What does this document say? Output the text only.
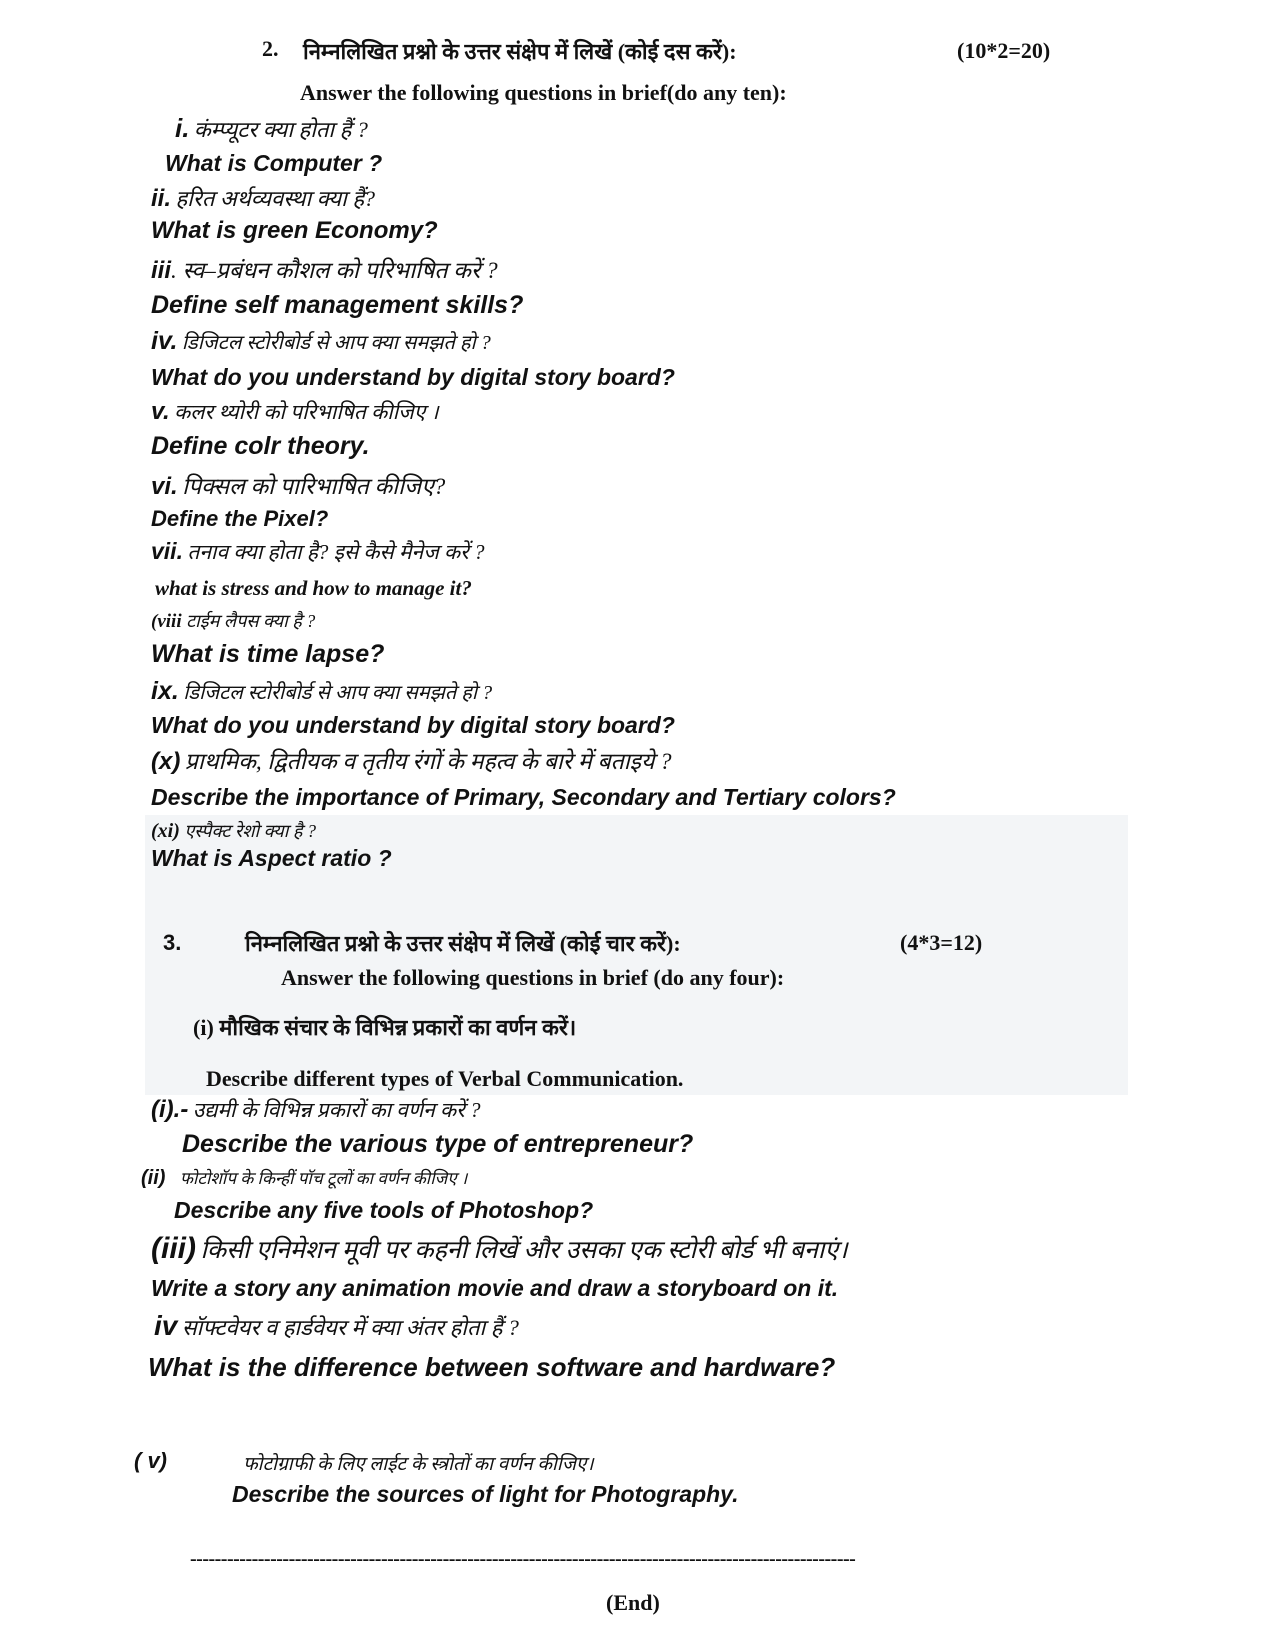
2. निम्नलिखित प्रश्नो के उत्तर संक्षेप में लिखें (कोई दस करें):	(10*2=20)
Answer the following questions in brief(do any ten):
i. कंम्प्यूटर क्या होता हैं ?
What is Computer ?
ii. हरित अर्थव्यवस्था क्या हैं?
What is green Economy?
iii. स्व–प्रबंधन कौशल को परिभाषित करें ?
Define self management skills?
iv. डिजिटल स्टोरीबोर्ड से आप क्या समझते हो ?
What do you understand by digital story board?
v. कलर थ्योरी को परिभाषित कीजिए ।
Define colr theory.
vi. पिक्सल को पारिभाषित कीजिए?
Define the Pixel?
vii. तनाव क्या होता है? इसे कैसे मैनेज करें ?
what is stress and how to manage it?
(viii टाईम लैपस क्या है ?
What is time lapse?
ix. डिजिटल स्टोरीबोर्ड से आप क्या समझते हो ?
What do you understand by digital story board?
(x) प्राथमिक, द्वितीयक व तृतीय रंगों के महत्व के बारे में बताइये ?
Describe the importance of Primary, Secondary and Tertiary colors?
(xi) एस्पैक्ट रेशो क्या है ?
What is Aspect ratio ?
3.	निम्नलिखित प्रश्नो के उत्तर संक्षेप में लिखें (कोई चार करें):	(4*3=12)
Answer the following questions in brief (do any four):
(i) मौखिक संचार के विभिन्न प्रकारों का वर्णन करें।
Describe different types of Verbal Communication.
(i).- उद्यमी के विभिन्न प्रकारों का वर्णन करें ?
Describe the various type of entrepreneur?
(ii) फोटोशॉप के किन्हीं पॉच टूलों का वर्णन कीजिए ।
Describe any five tools of Photoshop?
(iii) किसी एनिमेशन मूवी पर कहनी लिखें और उसका एक स्टोरी बोर्ड भी बनाएं।
Write a story any animation movie and draw a storyboard on it.
iv सॉफ्टवेयर व हार्डवेयर में क्या अंतर होता हैं ?
What is the difference between software and hardware?
( v)	फोटोग्राफी के लिए लाईट के स्त्रोतों का वर्णन कीजिए।
Describe the sources of light for Photography.
------------------------------------------------------------------------------------------------------------
(End)
